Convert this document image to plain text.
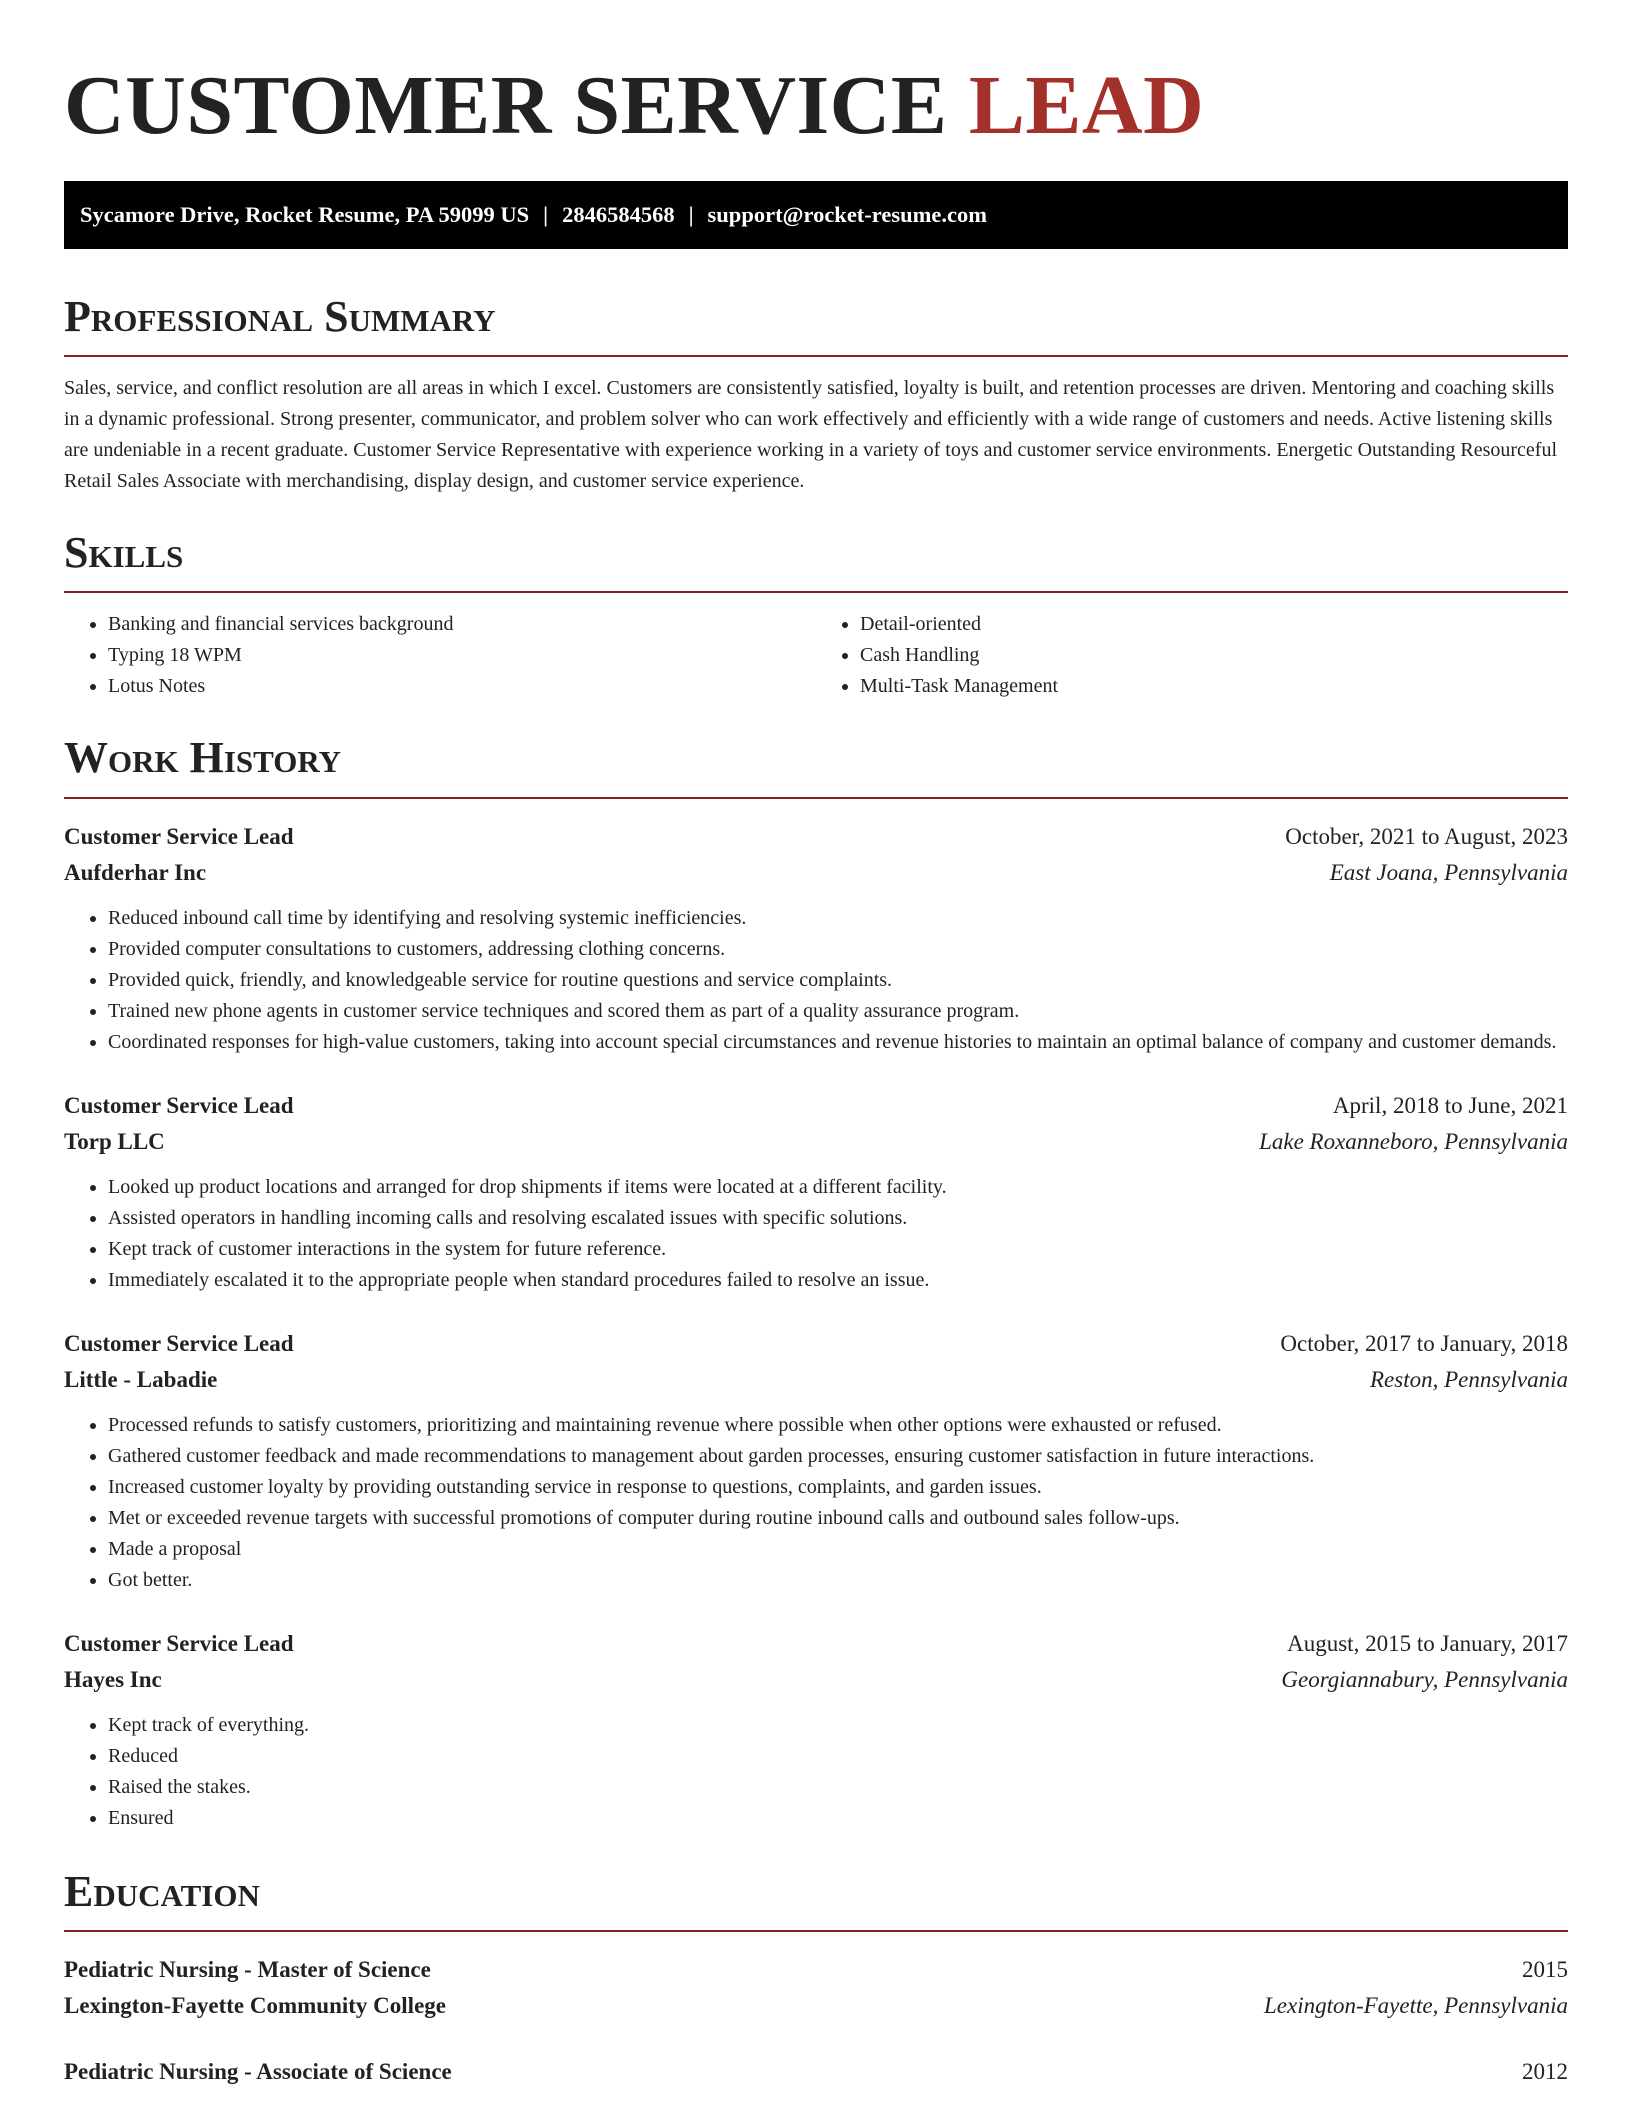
CUSTOMER SERVICE LEAD
Sycamore Drive, Rocket Resume, PA 59099 US | 2846584568 | support@rocket-resume.com
Professional Summary

Sales, service, and conflict resolution are all areas in which I excel. Customers are consistently satisfied, loyalty is built, and retention processes are driven. Mentoring and coaching skills in a dynamic professional. Strong presenter, communicator, and problem solver who can work effectively and efficiently with a wide range of customers and needs. Active listening skills are undeniable in a recent graduate. Customer Service Representative with experience working in a variety of toys and customer service environments. Energetic Outstanding Resourceful Retail Sales Associate with merchandising, display design, and customer service experience.

Skills
• Banking and financial services background
• Typing 18 WPM
• Lotus Notes
• Detail-oriented
• Cash Handling
• Multi-Task Management
Work History
Customer Service Lead	October, 2021 to August, 2023
Aufderhar Inc	East Joana, Pennsylvania
• Reduced inbound call time by identifying and resolving systemic inefficiencies.
• Provided computer consultations to customers, addressing clothing concerns.
• Provided quick, friendly, and knowledgeable service for routine questions and service complaints.
• Trained new phone agents in customer service techniques and scored them as part of a quality assurance program.
• Coordinated responses for high-value customers, taking into account special circumstances and revenue histories to maintain an optimal balance of company and customer demands.
Customer Service Lead	April, 2018 to June, 2021
Torp LLC	Lake Roxanneboro, Pennsylvania
• Looked up product locations and arranged for drop shipments if items were located at a different facility.
• Assisted operators in handling incoming calls and resolving escalated issues with specific solutions.
• Kept track of customer interactions in the system for future reference.
• Immediately escalated it to the appropriate people when standard procedures failed to resolve an issue.
Customer Service Lead	October, 2017 to January, 2018
Little - Labadie	Reston, Pennsylvania
• Processed refunds to satisfy customers, prioritizing and maintaining revenue where possible when other options were exhausted or refused.
• Gathered customer feedback and made recommendations to management about garden processes, ensuring customer satisfaction in future interactions.
• Increased customer loyalty by providing outstanding service in response to questions, complaints, and garden issues.
• Met or exceeded revenue targets with successful promotions of computer during routine inbound calls and outbound sales follow-ups.
• Made a proposal
• Got better.
Customer Service Lead	August, 2015 to January, 2017
Hayes Inc	Georgiannabury, Pennsylvania
• Kept track of everything.
• Reduced
• Raised the stakes.
• Ensured
Education
Pediatric Nursing - Master of Science	2015
Lexington-Fayette Community College	Lexington-Fayette, Pennsylvania
Pediatric Nursing - Associate of Science	2012
